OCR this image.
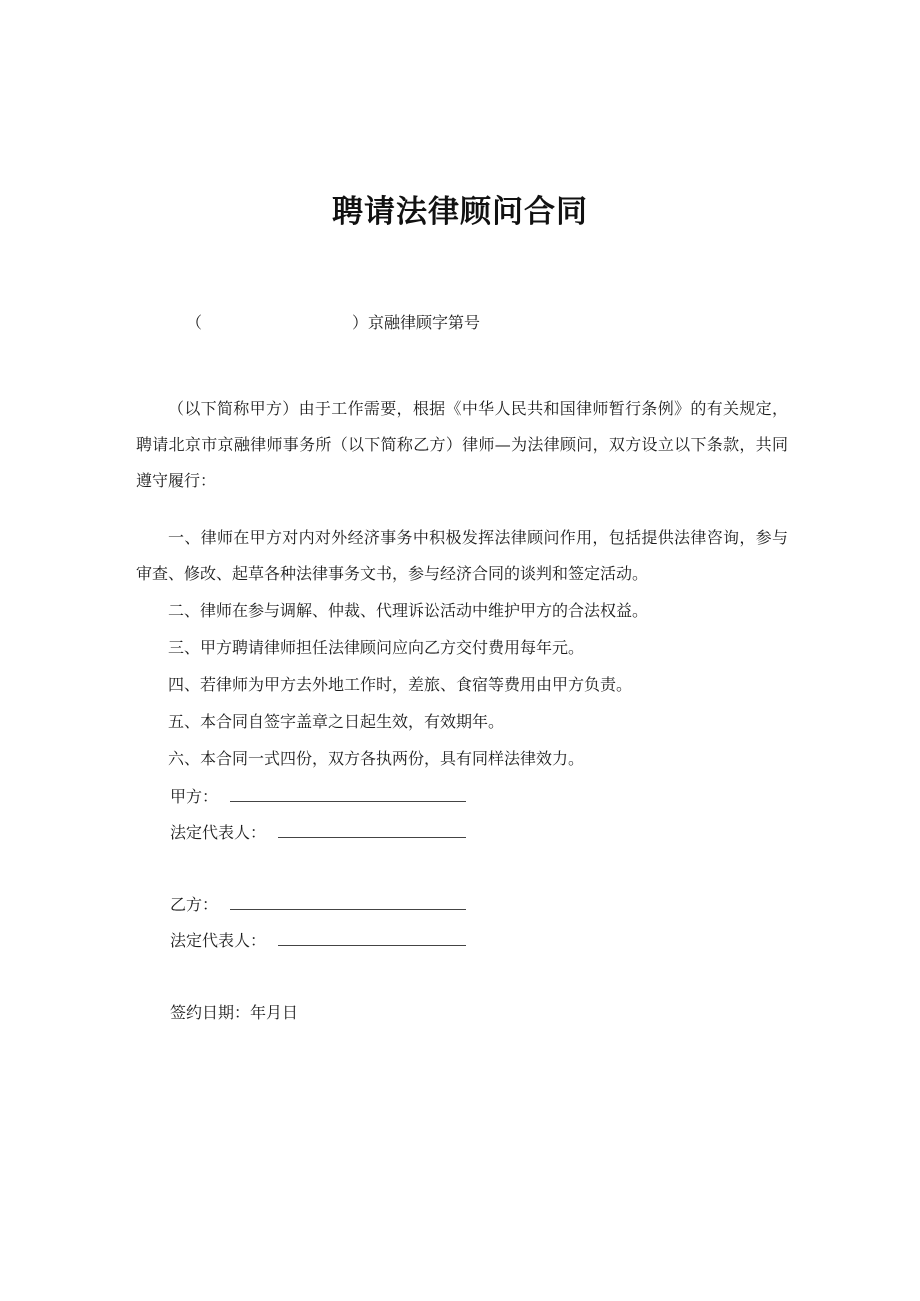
聘请法律顾问合同
（	）京融律顾字第号

（以下简称甲方）由于工作需要，根据《中华人民共和国律师暂行条例》的有关规定，聘请北京市京融律师事务所（以下简称乙方）律师—为法律顾问，双方设立以下条款，共同遵守履行：

一、律师在甲方对内对外经济事务中积极发挥法律顾问作用，包括提供法律咨询，参与审查、修改、起草各种法律事务文书，参与经济合同的谈判和签定活动。

二、律师在参与调解、仲裁、代理诉讼活动中维护甲方的合法权益。

三、甲方聘请律师担任法律顾问应向乙方交付费用每年元。

四、若律师为甲方去外地工作时，差旅、食宿等费用由甲方负责。

五、本合同自签字盖章之日起生效，有效期年。

六、本合同一式四份，双方各执两份，具有同样法律效力。

甲方：
法定代表人：
乙方：
法定代表人：
签约日期：年月日
